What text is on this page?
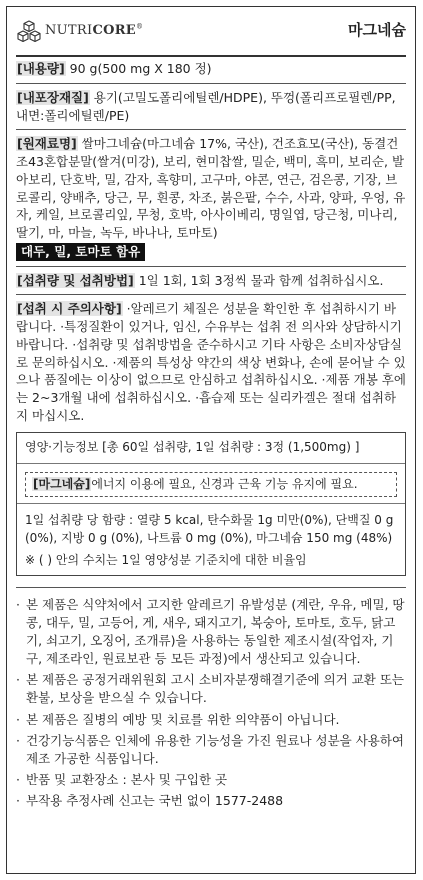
NUTRICORE®	마그네슘

[내용량] 90 g(500 mg X 180 정)

[내포장재질] 용기(고밀도폴리에틸렌/HDPE), 뚜껑(폴리프로필렌/PP, 내면:폴리에틸렌/PE)

[원재료명] 쌀마그네슘(마그네슘 17%, 국산), 건조효모(국산), 동결건조43혼합분말(쌀겨(미강), 보리, 현미찹쌀, 밀순, 백미, 흑미, 보리순, 발아보리, 단호박, 밀, 감자, 흑향미, 고구마, 야콘, 연근, 검은콩, 기장, 브로콜리, 양배추, 당근, 무, 흰콩, 차조, 붉은팥, 수수, 사과, 양파, 우엉, 유자, 케일, 브로콜리잎, 무청, 호박, 아사이베리, 명일엽, 당근청, 미나리, 딸기, 마, 마늘, 녹두, 바나나, 토마토)

대두, 밀, 토마토 함유

[섭취량 및 섭취방법] 1일 1회, 1회 3정씩 물과 함께 섭취하십시오.

[섭취 시 주의사항] ·알레르기 체질은 성분을 확인한 후 섭취하시기 바랍니다. ·특정질환이 있거나, 임신, 수유부는 섭취 전 의사와 상담하시기 바랍니다. ·섭취량 및 섭취방법을 준수하시고 기타 사항은 소비자상담실로 문의하십시오. ·제품의 특성상 약간의 색상 변화나, 손에 묻어날 수 있으나 품질에는 이상이 없으므로 안심하고 섭취하십시오. ·제품 개봉 후에는 2~3개월 내에 섭취하십시오. ·흡습제 또는 실리카겔은 절대 섭취하지 마십시오.

영양·기능정보 [총 60일 섭취량, 1일 섭취량 : 3정 (1,500mg) ]
[마그네슘]에너지 이용에 필요, 신경과 근육 기능 유지에 필요.
1일 섭취량 당 함량 : 열량 5 kcal, 탄수화물 1g 미만(0%), 단백질 0 g (0%), 지방 0 g (0%), 나트륨 0 mg (0%), 마그네슘 150 mg (48%)
※ ( ) 안의 수치는 1일 영양성분 기준치에 대한 비율임
· 본 제품은 식약처에서 고지한 알레르기 유발성분 (계란, 우유, 메밀, 땅콩, 대두, 밀, 고등어, 게, 새우, 돼지고기, 복숭아, 토마토, 호두, 닭고기, 쇠고기, 오징어, 조개류)을 사용하는 동일한 제조시설(작업자, 기구, 제조라인, 원료보관 등 모든 과정)에서 생산되고 있습니다.
· 본 제품은 공정거래위원회 고시 소비자분쟁해결기준에 의거 교환 또는 환불, 보상을 받으실 수 있습니다.
· 본 제품은 질병의 예방 및 치료를 위한 의약품이 아닙니다.
· 건강기능식품은 인체에 유용한 기능성을 가진 원료나 성분을 사용하여 제조 가공한 식품입니다.
· 반품 및 교환장소 : 본사 및 구입한 곳
· 부작용 추정사례 신고는 국번 없이 1577-2488
